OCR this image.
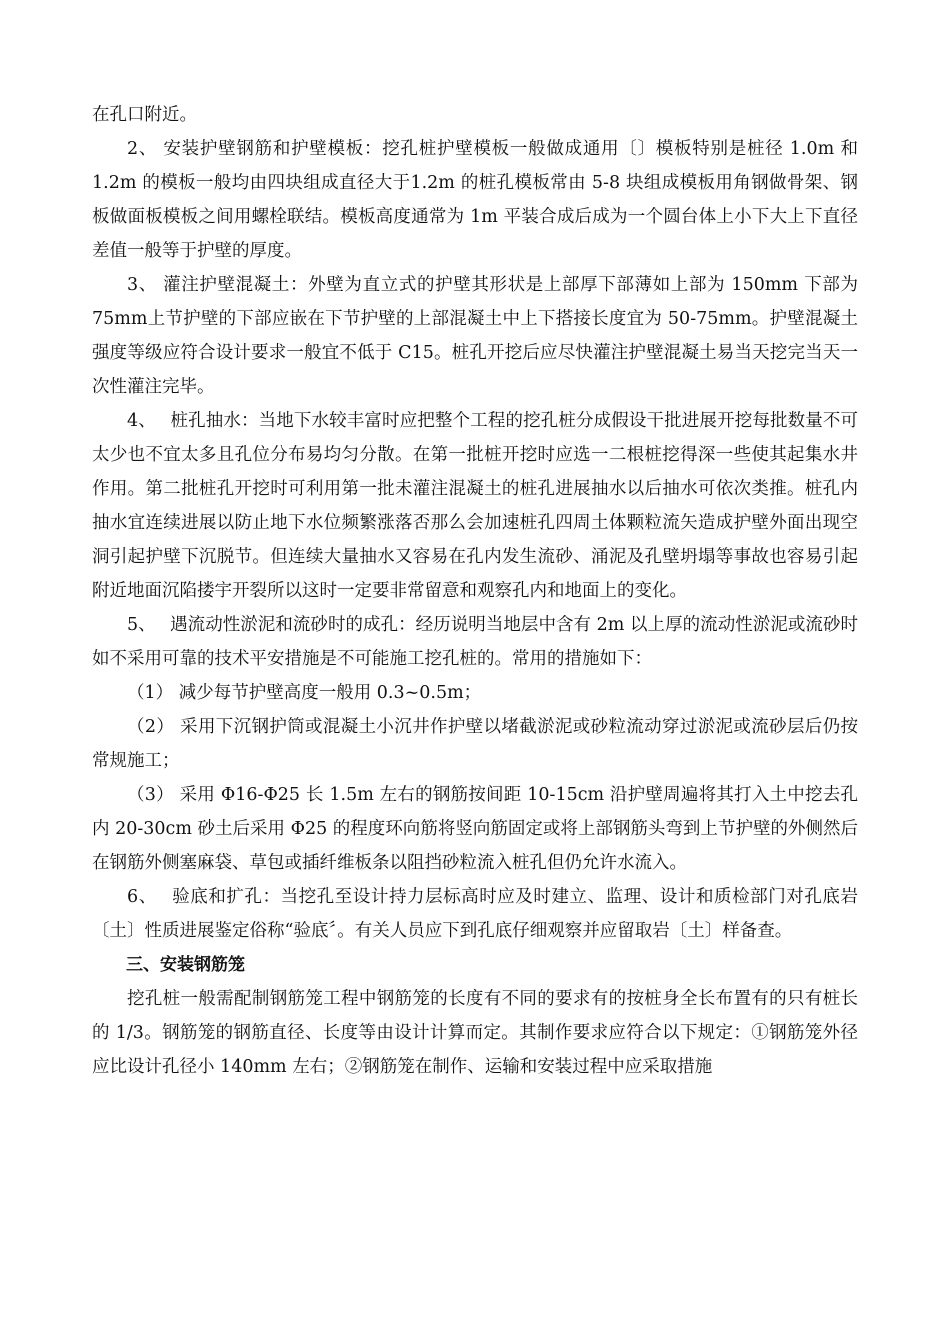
在孔口附近。

2、 安装护壁钢筋和护壁模板：挖孔桩护壁模板一般做成通用〔〕模板特别是桩径 1.0m 和1.2m 的模板一般均由四块组成直径大于1.2m 的桩孔模板常由 5-8 块组成模板用角钢做骨架、钢板做面板模板之间用螺栓联结。模板高度通常为 1m 平装合成后成为一个圆台体上小下大上下直径差值一般等于护壁的厚度。

3、 灌注护壁混凝土：外壁为直立式的护壁其形状是上部厚下部薄如上部为 150mm 下部为75mm上节护壁的下部应嵌在下节护壁的上部混凝土中上下搭接长度宜为 50-75mm。护壁混凝土强度等级应符合设计要求一般宜不低于 C15。桩孔开挖后应尽快灌注护壁混凝土易当天挖完当天一次性灌注完毕。

4、　 桩孔抽水：当地下水较丰富时应把整个工程的挖孔桩分成假设干批进展开挖每批数量不可太少也不宜太多且孔位分布易均匀分散。在第一批桩开挖时应选一二根桩挖得深一些使其起集水井作用。第二批桩孔开挖时可利用第一批未灌注混凝土的桩孔进展抽水以后抽水可依次类推。桩孔内抽水宜连续进展以防止地下水位频繁涨落否那么会加速桩孔四周土体颗粒流矢造成护壁外面出现空洞引起护壁下沉脱节。但连续大量抽水又容易在孔内发生流砂、涌泥及孔壁坍塌等事故也容易引起附近地面沉陷搂宇开裂所以这时一定要非常留意和观察孔内和地面上的变化。

5、　 遇流动性淤泥和流砂时的成孔：经历说明当地层中含有 2m 以上厚的流动性淤泥或流砂时如不采用可靠的技术平安措施是不可能施工挖孔桩的。常用的措施如下：

（1） 减少每节护壁高度一般用 0.3~0.5m；

（2） 采用下沉钢护筒或混凝土小沉井作护壁以堵截淤泥或砂粒流动穿过淤泥或流砂层后仍按常规施工；

（3） 采用 Φ16-Φ25 长 1.5m 左右的钢筋按间距 10-15cm 沿护壁周遍将其打入土中挖去孔内 20-30cm 砂土后采用 Φ25 的程度环向筋将竖向筋固定或将上部钢筋头弯到上节护壁的外侧然后在钢筋外侧塞麻袋、草包或插纤维板条以阻挡砂粒流入桩孔但仍允许水流入。

6、　 验底和扩孔：当挖孔至设计持力层标高时应及时建立、监理、设计和质检部门对孔底岩〔土〕性质进展鉴定俗称“验底〞。有关人员应下到孔底仔细观察并应留取岩〔土〕样备查。

三、安装钢筋笼

挖孔桩一般需配制钢筋笼工程中钢筋笼的长度有不同的要求有的按桩身全长布置有的只有桩长的 1/3。钢筋笼的钢筋直径、长度等由设计计算而定。其制作要求应符合以下规定：①钢筋笼外径应比设计孔径小 140mm 左右；②钢筋笼在制作、运输和安装过程中应采取措施
